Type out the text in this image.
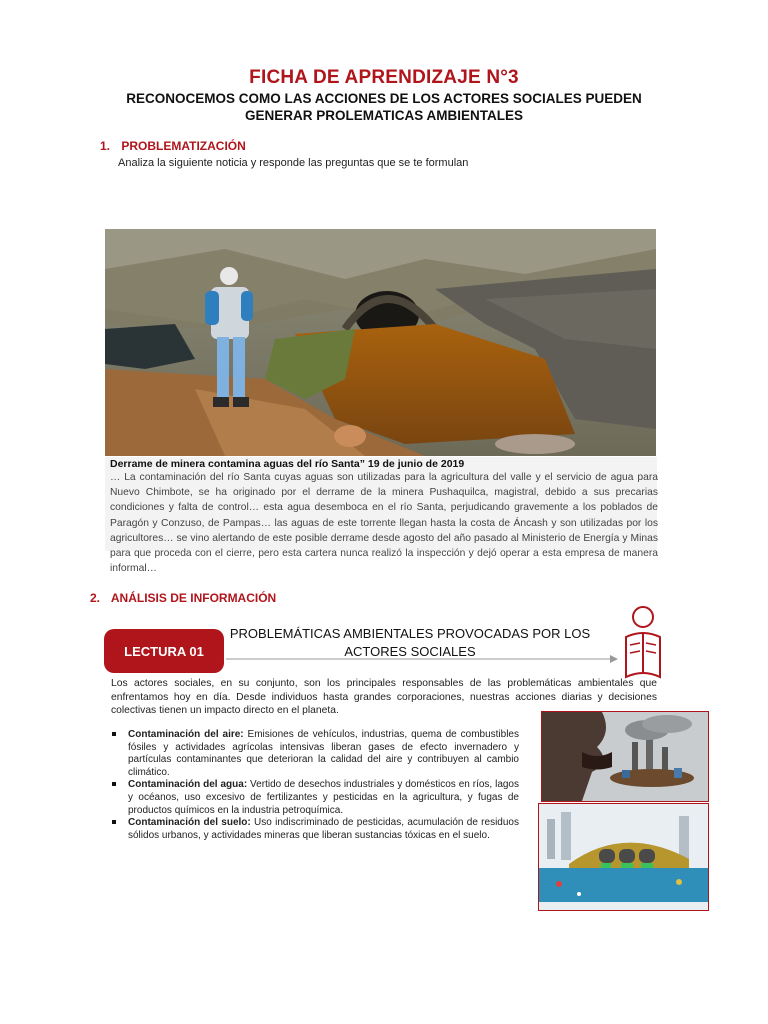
FICHA DE APRENDIZAJE N°3
RECONOCEMOS COMO LAS ACCIONES DE LOS ACTORES SOCIALES PUEDEN
GENERAR PROLEMATICAS AMBIENTALES
1. PROBLEMATIZACIÓN
Analiza la siguiente noticia y responde las preguntas que se te formulan
Derrame de minera contamina aguas del río Santa” 19 de junio de 2019
… La contaminación del río Santa cuyas aguas son utilizadas para la agricultura del valle y el servicio de agua para Nuevo Chimbote, se ha originado por el derrame de la minera Pushaquilca, magistral, debido a sus precarias condiciones y falta de control… esta agua desemboca en el río Santa, perjudicando gravemente a los poblados de Paragón y Conzuso, de Pampas… las aguas de este torrente llegan hasta la costa de Áncash y son utilizadas por los agricultores… se vino alertando de este posible derrame desde agosto del año pasado al Ministerio de Energía y Minas para que proceda con el cierre, pero esta cartera nunca realizó la inspección y dejó operar a esta empresa de manera informal…
2. ANÁLISIS DE INFORMACIÓN
LECTURA 01
PROBLEMÁTICAS AMBIENTALES PROVOCADAS POR LOS
ACTORES SOCIALES
Los actores sociales, en su conjunto, son los principales responsables de las problemáticas ambientales que enfrentamos hoy en día. Desde individuos hasta grandes corporaciones, nuestras acciones diarias y decisiones colectivas tienen un impacto directo en el planeta.
Contaminación del aire: Emisiones de vehículos, industrias, quema de combustibles fósiles y actividades agrícolas intensivas liberan gases de efecto invernadero y partículas contaminantes que deterioran la calidad del aire y contribuyen al cambio climático.
Contaminación del agua: Vertido de desechos industriales y domésticos en ríos, lagos y océanos, uso excesivo de fertilizantes y pesticidas en la agricultura, y fugas de productos químicos en la industria petroquímica.
Contaminación del suelo: Uso indiscriminado de pesticidas, acumulación de residuos sólidos urbanos, y actividades mineras que liberan sustancias tóxicas en el suelo.
